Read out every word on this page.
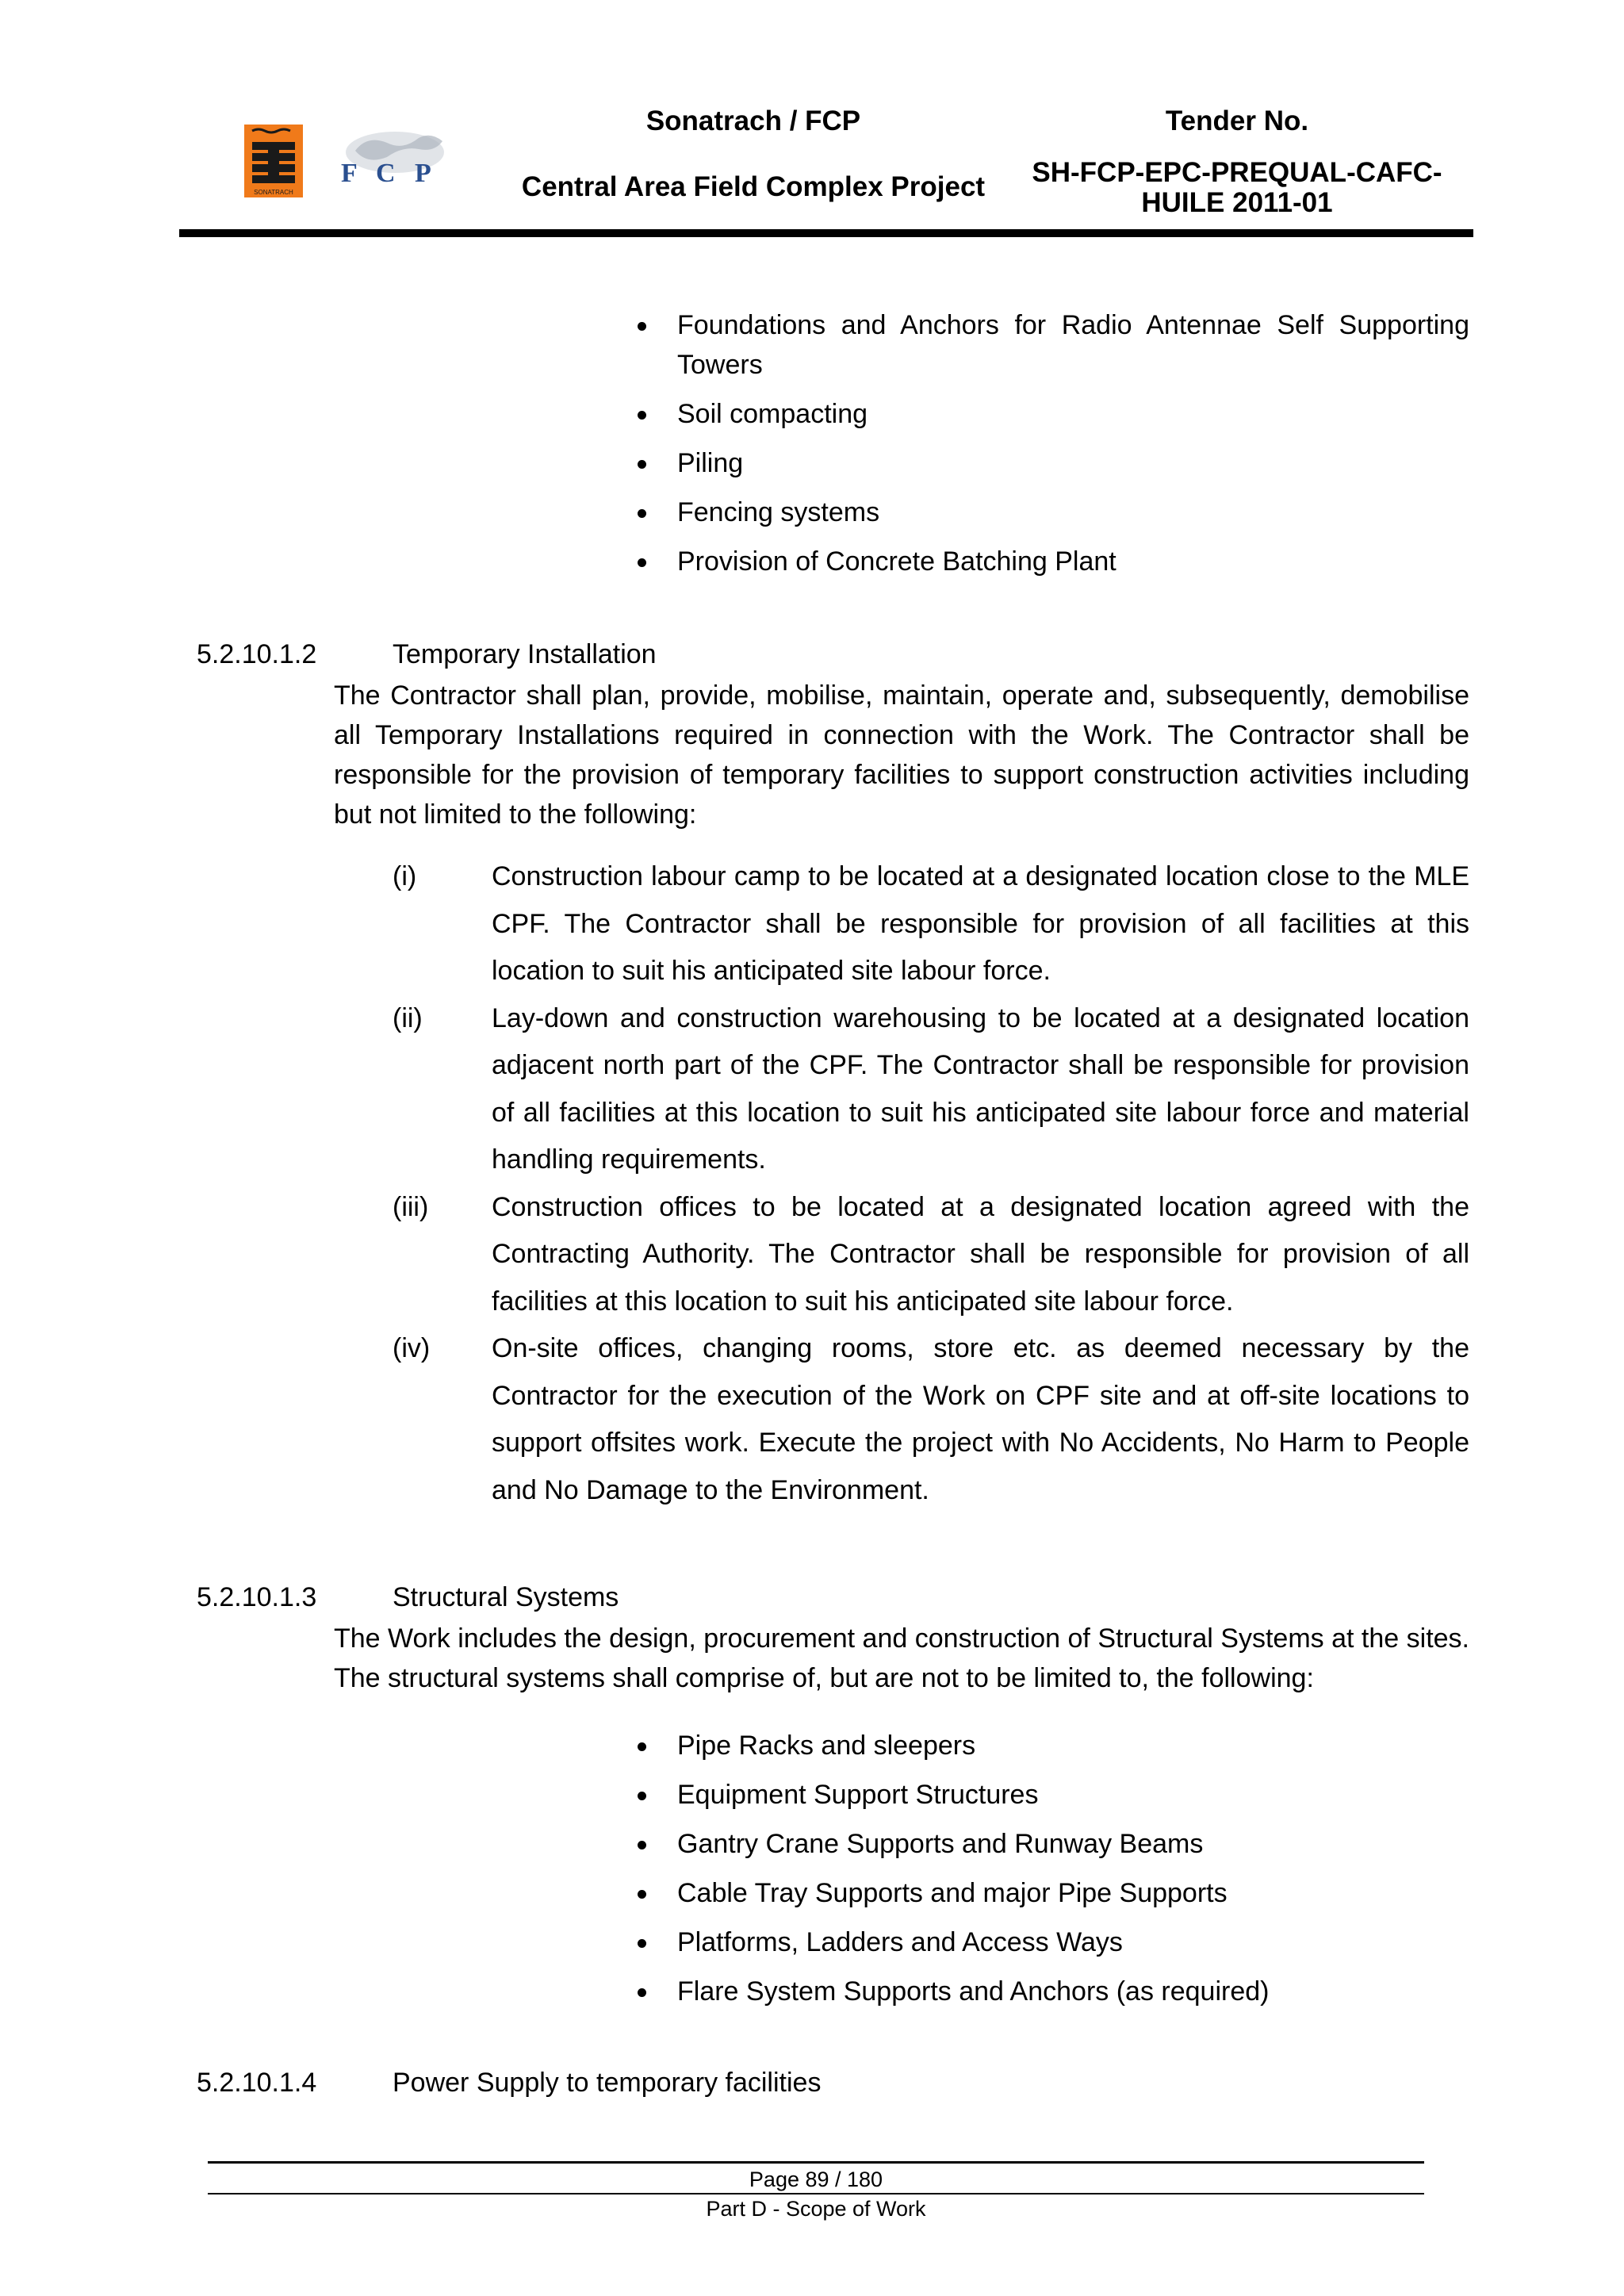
SONATRACH
F C P
Sonatrach / FCP
Central Area Field Complex Project
Tender No.
SH-FCP-EPC-PREQUAL-CAFC-
HUILE 2011-01
Foundations and Anchors for Radio Antennae Self Supporting Towers
Soil compacting
Piling
Fencing systems
Provision of Concrete Batching Plant
5.2.10.1.2	Temporary Installation
The Contractor shall plan, provide, mobilise, maintain, operate and, subsequently, demobilise all Temporary Installations required in connection with the Work. The Contractor shall be responsible for the provision of temporary facilities to support construction activities including but not limited to the following:
(i)	Construction labour camp to be located at a designated location close to the MLE CPF. The Contractor shall be responsible for provision of all facilities at this location to suit his anticipated site labour force.
(ii)	Lay-down and construction warehousing to be located at a designated location adjacent north part of the CPF. The Contractor shall be responsible for provision of all facilities at this location to suit his anticipated site labour force and material handling requirements.
(iii) Construction offices to be located at a designated location agreed with the Contracting Authority. The Contractor shall be responsible for provision of all facilities at this location to suit his anticipated site labour force.
(iv) On-site offices, changing rooms, store etc. as deemed necessary by the Contractor for the execution of the Work on CPF site and at off-site locations to support offsites work. Execute the project with No Accidents, No Harm to People and No Damage to the Environment.
5.2.10.1.3	Structural Systems
The Work includes the design, procurement and construction of Structural Systems at the sites. The structural systems shall comprise of, but are not to be limited to, the following:
Pipe Racks and sleepers
Equipment Support Structures
Gantry Crane Supports and Runway Beams
Cable Tray Supports and major Pipe Supports
Platforms, Ladders and Access Ways
Flare System Supports and Anchors (as required)
5.2.10.1.4	Power Supply to temporary facilities
Page 89 / 180
Part D - Scope of Work
